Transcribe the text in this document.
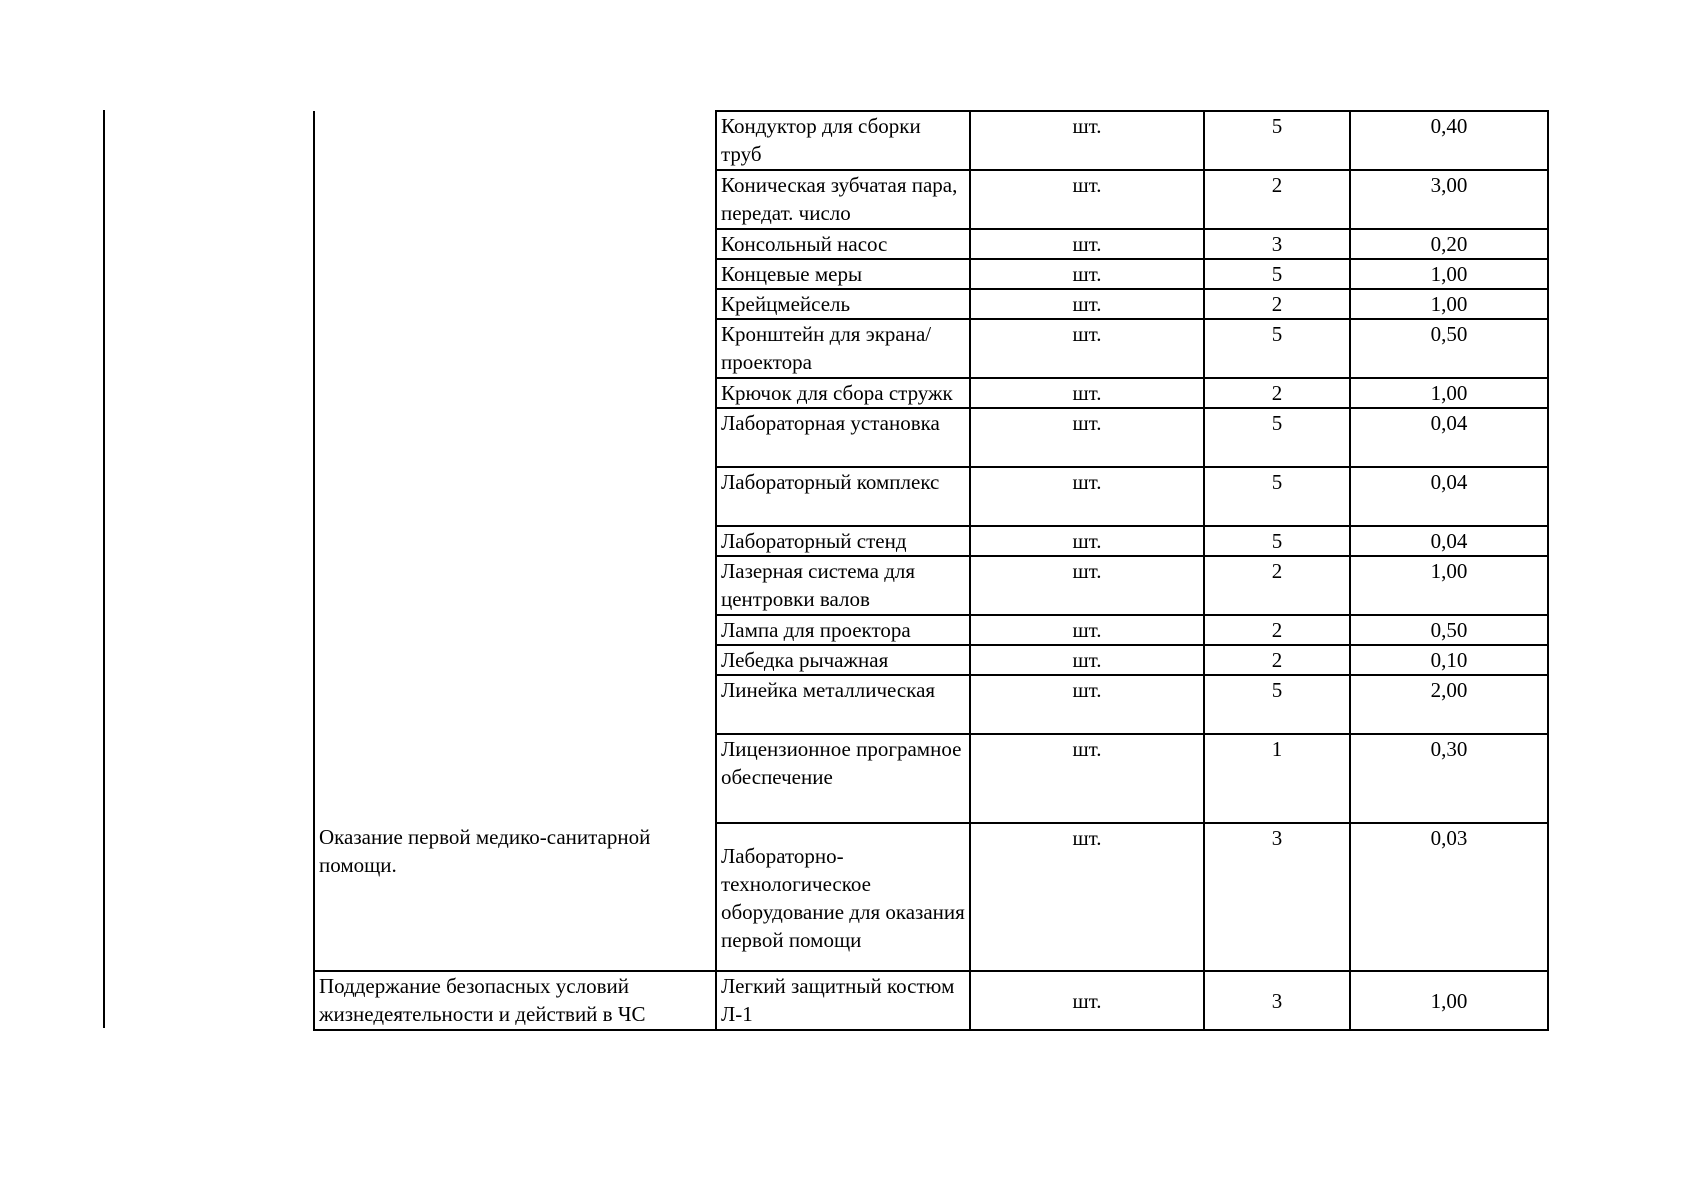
	Кондуктор для сборки труб	шт.	5	0,40
	Коническая зубчатая пара, передат. число	шт.	2	3,00
	Консольный насос	шт.	3	0,20
	Концевые меры	шт.	5	1,00
	Крейцмейсель	шт.	2	1,00
	Кронштейн для экрана/ проектора	шт.	5	0,50
	Крючок для сбора стружк	шт.	2	1,00
	Лабораторная установка	шт.	5	0,04
	Лабораторный комплекс	шт.	5	0,04
	Лабораторный стенд	шт.	5	0,04
	Лазерная система для центровки валов	шт.	2	1,00
	Лампа для проектора	шт.	2	0,50
	Лебедка рычажная	шт.	2	0,10
	Линейка металлическая	шт.	5	2,00
	Лицензионное програмное обеспечение	шт.	1	0,30
Оказание первой медико-санитарной помощи.	Лабораторно-технологическое оборудование для оказания первой помощи	шт.	3	0,03
Поддержание безопасных условий жизнедеятельности и действий в ЧС	Легкий защитный костюм Л-1	шт.	3	1,00
